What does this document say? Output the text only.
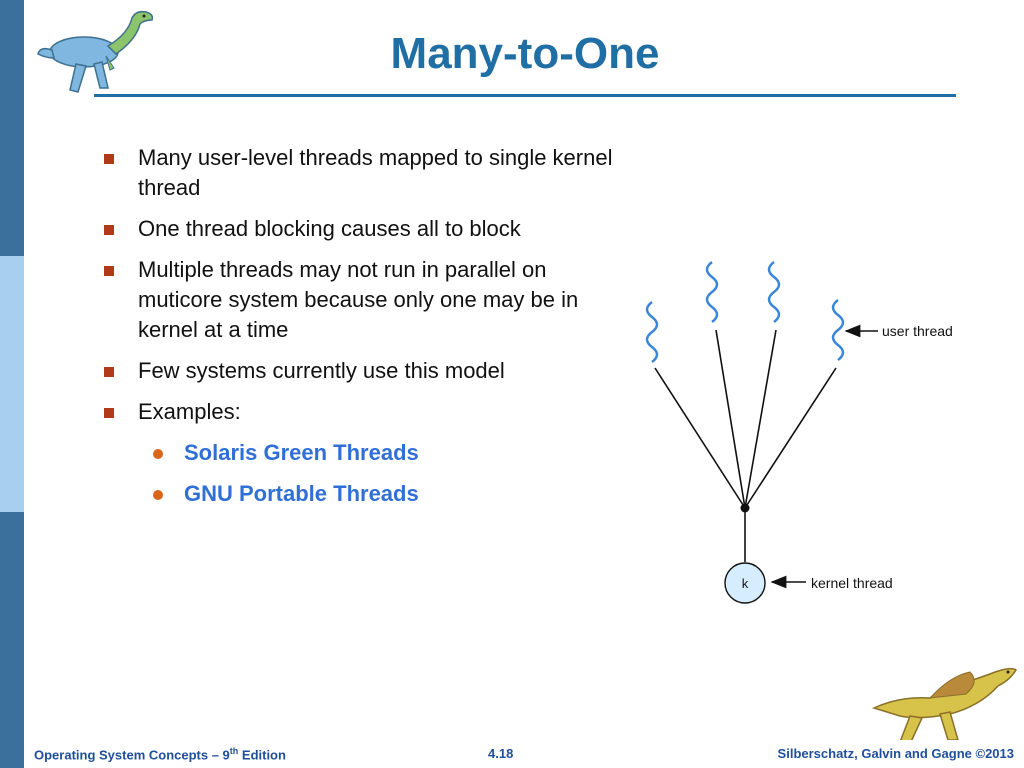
Many-to-One
Many user-level threads mapped to single kernel thread
One thread blocking causes all to block
Multiple threads may not run in parallel on muticore system because only one may be in kernel at a time
Few systems currently use this model
Examples:
Solaris Green Threads
GNU Portable Threads
k
user thread
kernel thread
Operating System Concepts – 9th Edition	4.18	Silberschatz, Galvin and Gagne ©2013
